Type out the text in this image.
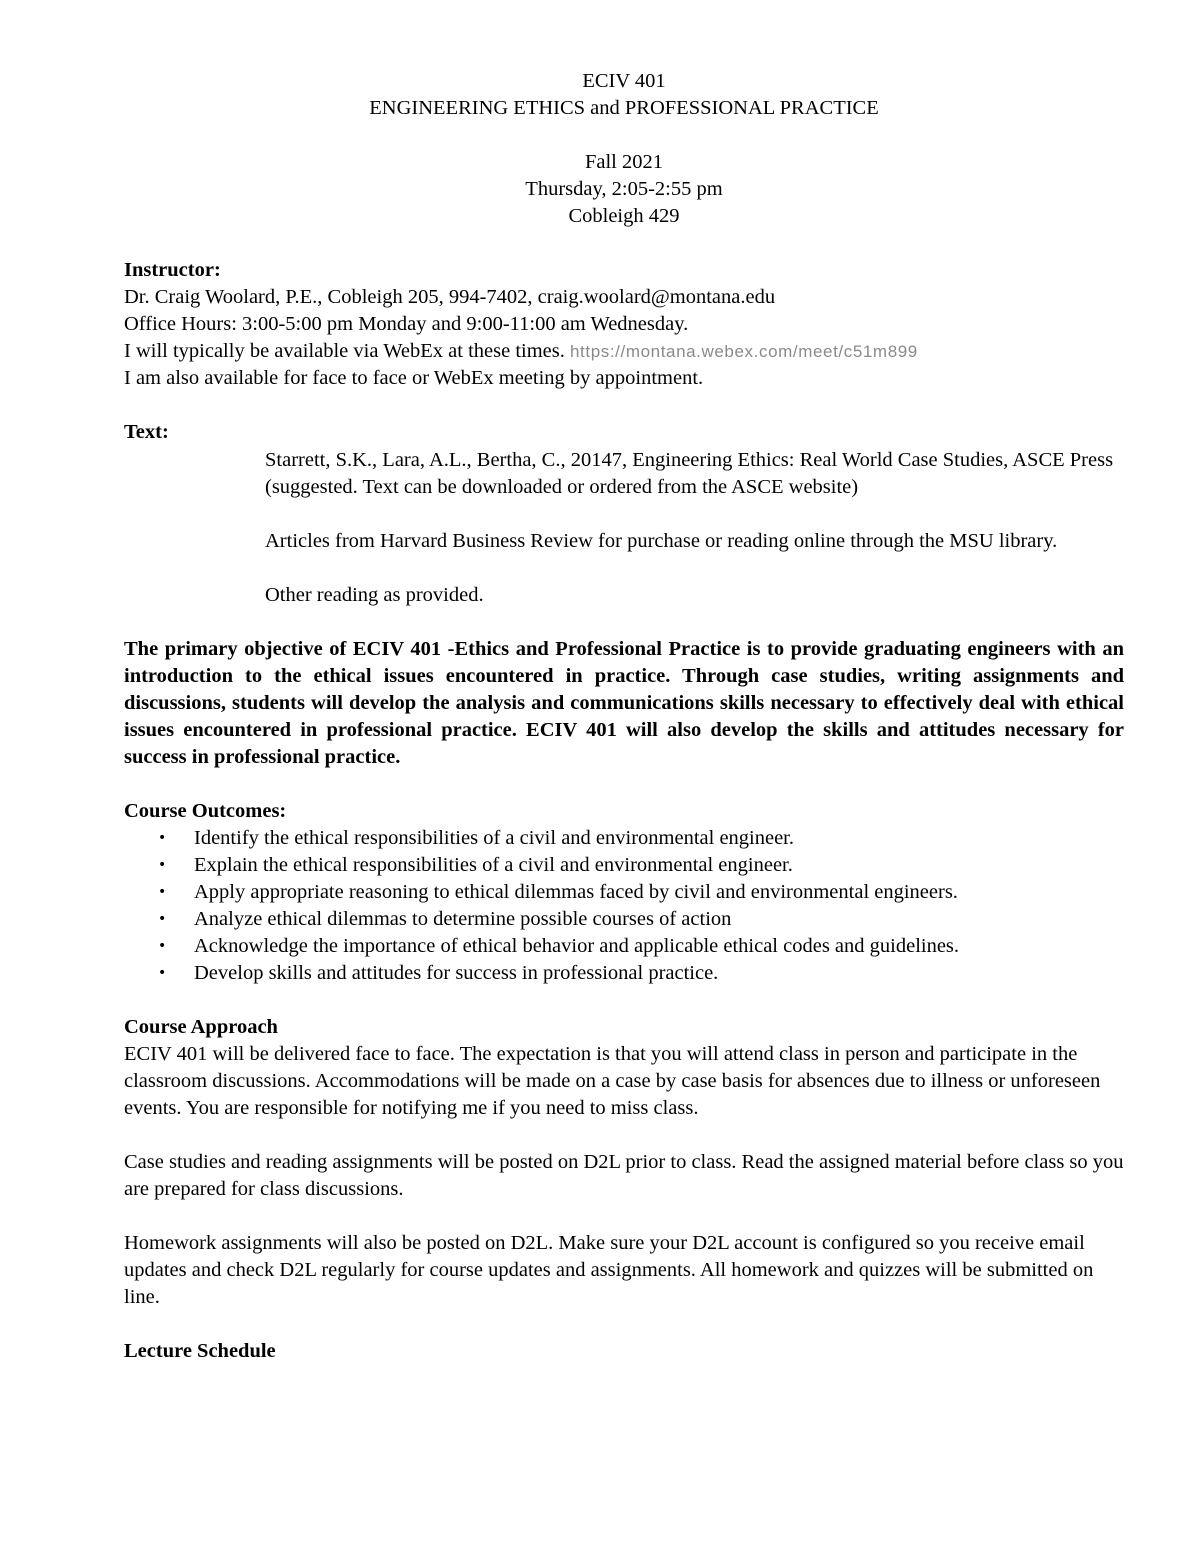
ECIV 401

ENGINEERING ETHICS and PROFESSIONAL PRACTICE

Fall 2021

Thursday, 2:05-2:55 pm

Cobleigh 429

Instructor:

Dr. Craig Woolard, P.E., Cobleigh 205, 994-7402, craig.woolard@montana.edu

Office Hours: 3:00-5:00 pm Monday and 9:00-11:00 am Wednesday.

I will typically be available via WebEx at these times. https://montana.webex.com/meet/c51m899

I am also available for face to face or WebEx meeting by appointment.

Text:

Starrett, S.K., Lara, A.L., Bertha, C., 20147, Engineering Ethics: Real World Case Studies, ASCE Press (suggested. Text can be downloaded or ordered from the ASCE website)

Articles from Harvard Business Review for purchase or reading online through the MSU library.

Other reading as provided.

The primary objective of ECIV 401 -Ethics and Professional Practice is to provide graduating engineers with an introduction to the ethical issues encountered in practice. Through case studies, writing assignments and discussions, students will develop the analysis and communications skills necessary to effectively deal with ethical issues encountered in professional practice. ECIV 401 will also develop the skills and attitudes necessary for success in professional practice.

Course Outcomes:

• Identify the ethical responsibilities of a civil and environmental engineer.
• Explain the ethical responsibilities of a civil and environmental engineer.
• Apply appropriate reasoning to ethical dilemmas faced by civil and environmental engineers.
• Analyze ethical dilemmas to determine possible courses of action
• Acknowledge the importance of ethical behavior and applicable ethical codes and guidelines.
• Develop skills and attitudes for success in professional practice.

Course Approach

ECIV 401 will be delivered face to face. The expectation is that you will attend class in person and participate in the classroom discussions. Accommodations will be made on a case by case basis for absences due to illness or unforeseen events. You are responsible for notifying me if you need to miss class.

Case studies and reading assignments will be posted on D2L prior to class. Read the assigned material before class so you are prepared for class discussions.

Homework assignments will also be posted on D2L. Make sure your D2L account is configured so you receive email updates and check D2L regularly for course updates and assignments. All homework and quizzes will be submitted on line.

Lecture Schedule
